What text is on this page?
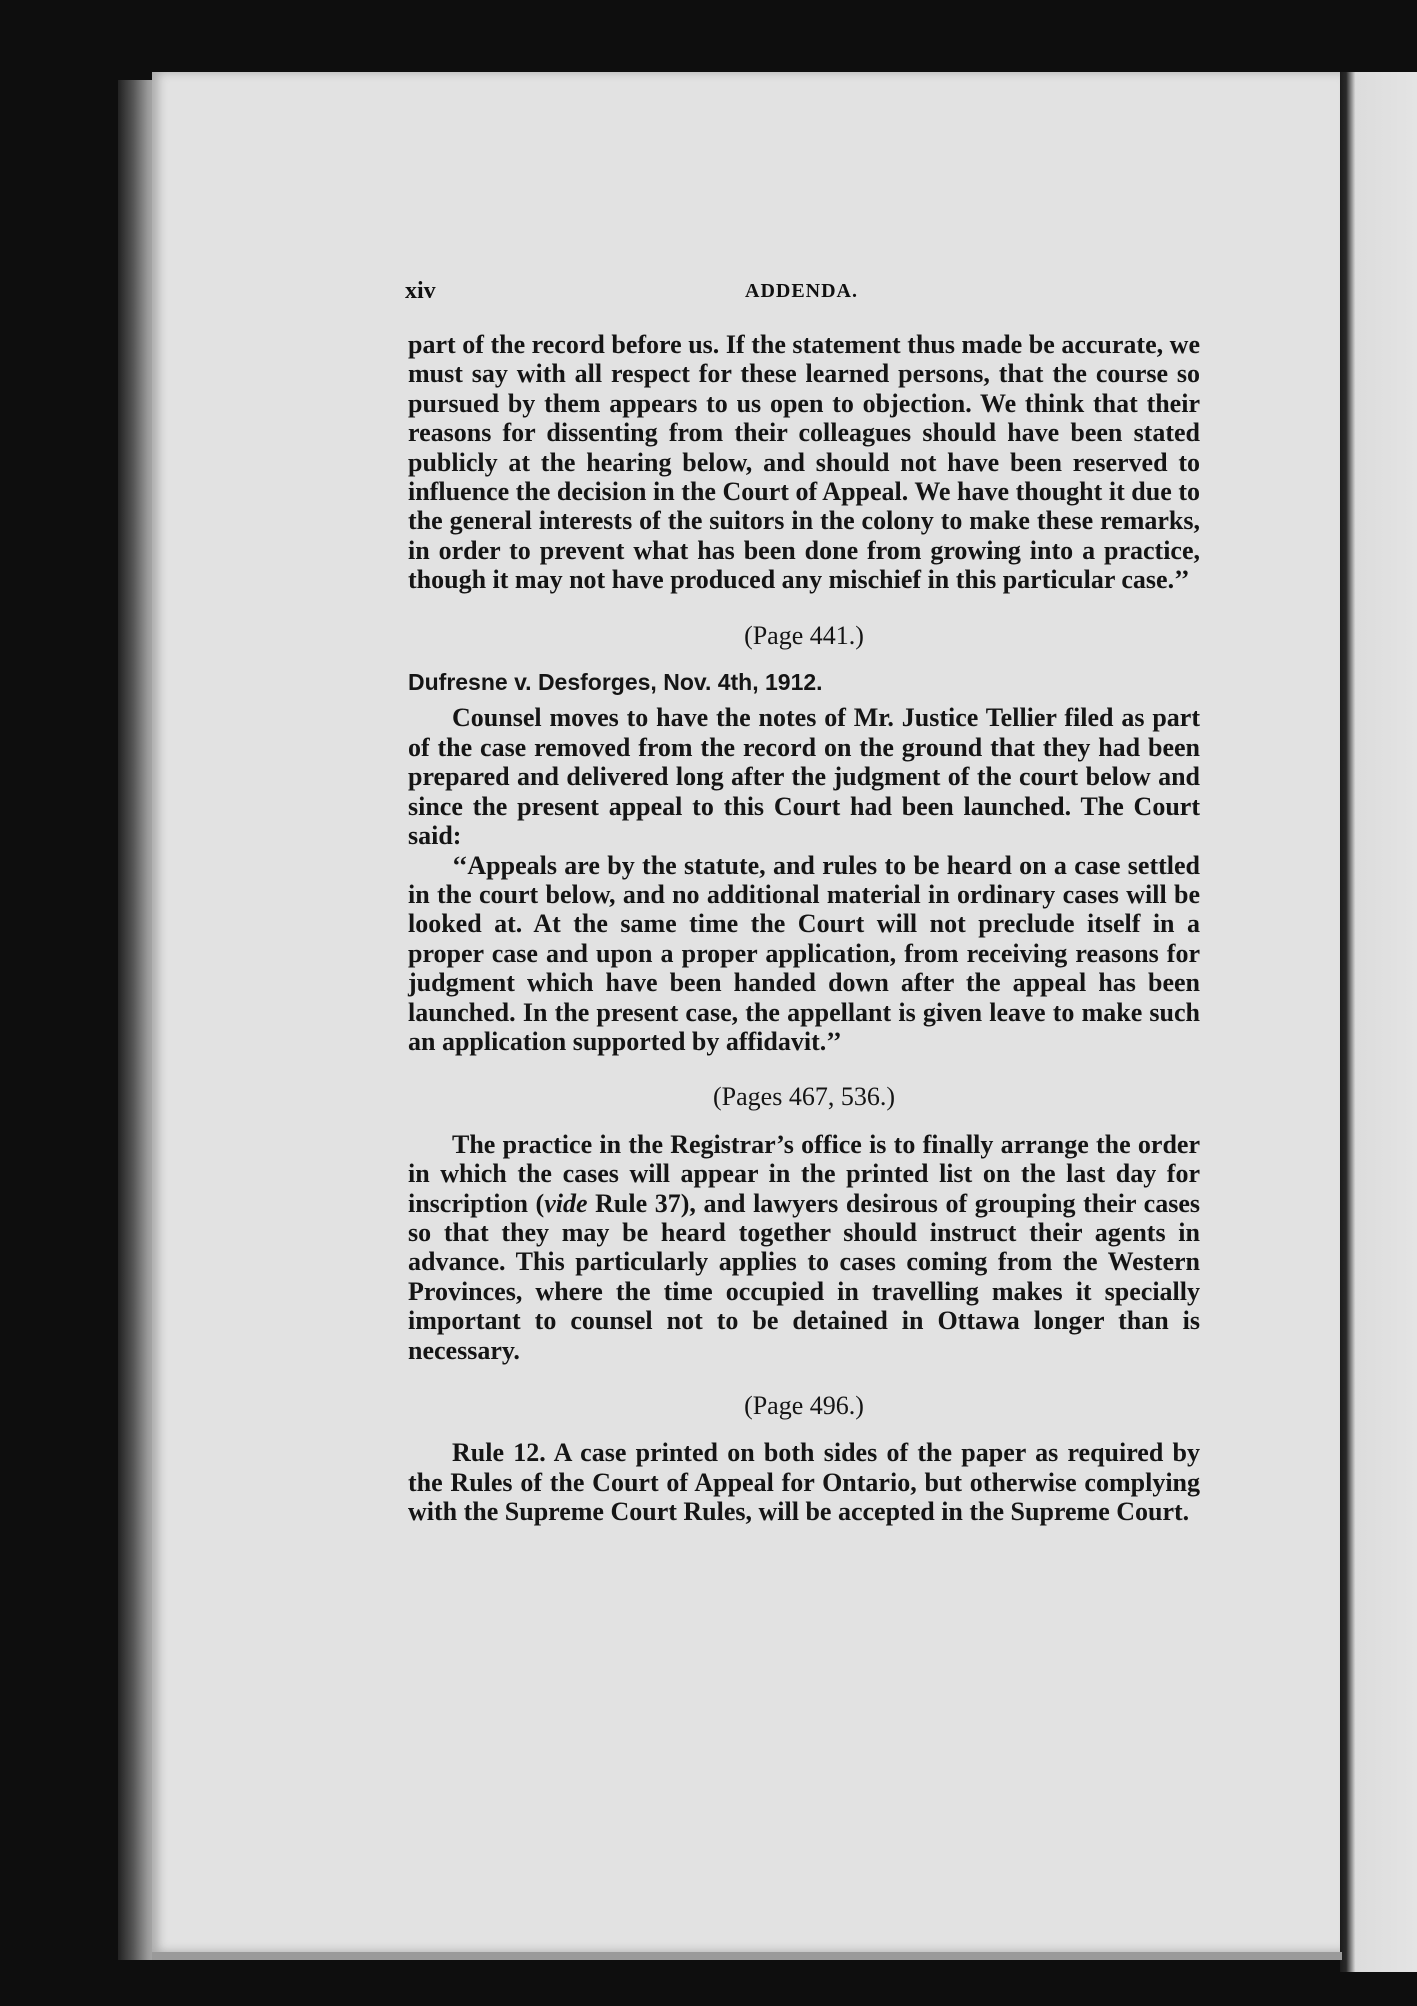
xiv	ADDENDA.

part of the record before us. If the statement thus made be accurate, we must say with all respect for these learned persons, that the course so pursued by them appears to us open to objection. We think that their reasons for dissenting from their colleagues should have been stated publicly at the hearing below, and should not have been reserved to influence the decision in the Court of Appeal. We have thought it due to the general interests of the suitors in the colony to make these remarks, in order to prevent what has been done from growing into a practice, though it may not have produced any mischief in this particular case.’’

(Page 441.)

Dufresne v. Desforges, Nov. 4th, 1912.

Counsel moves to have the notes of Mr. Justice Tellier filed as part of the case removed from the record on the ground that they had been prepared and delivered long after the judgment of the court below and since the present appeal to this Court had been launched. The Court said:

‘‘Appeals are by the statute, and rules to be heard on a case settled in the court below, and no additional material in ordinary cases will be looked at. At the same time the Court will not preclude itself in a proper case and upon a proper application, from receiving reasons for judgment which have been handed down after the appeal has been launched. In the present case, the appellant is given leave to make such an application supported by affidavit.’’

(Pages 467, 536.)

The practice in the Registrar’s office is to finally arrange the order in which the cases will appear in the printed list on the last day for inscription (vide Rule 37), and lawyers desirous of grouping their cases so that they may be heard together should instruct their agents in advance. This particularly applies to cases coming from the Western Provinces, where the time occupied in travelling makes it specially important to counsel not to be detained in Ottawa longer than is necessary.

(Page 496.)

Rule 12. A case printed on both sides of the paper as required by the Rules of the Court of Appeal for Ontario, but otherwise complying with the Supreme Court Rules, will be accepted in the Supreme Court.
